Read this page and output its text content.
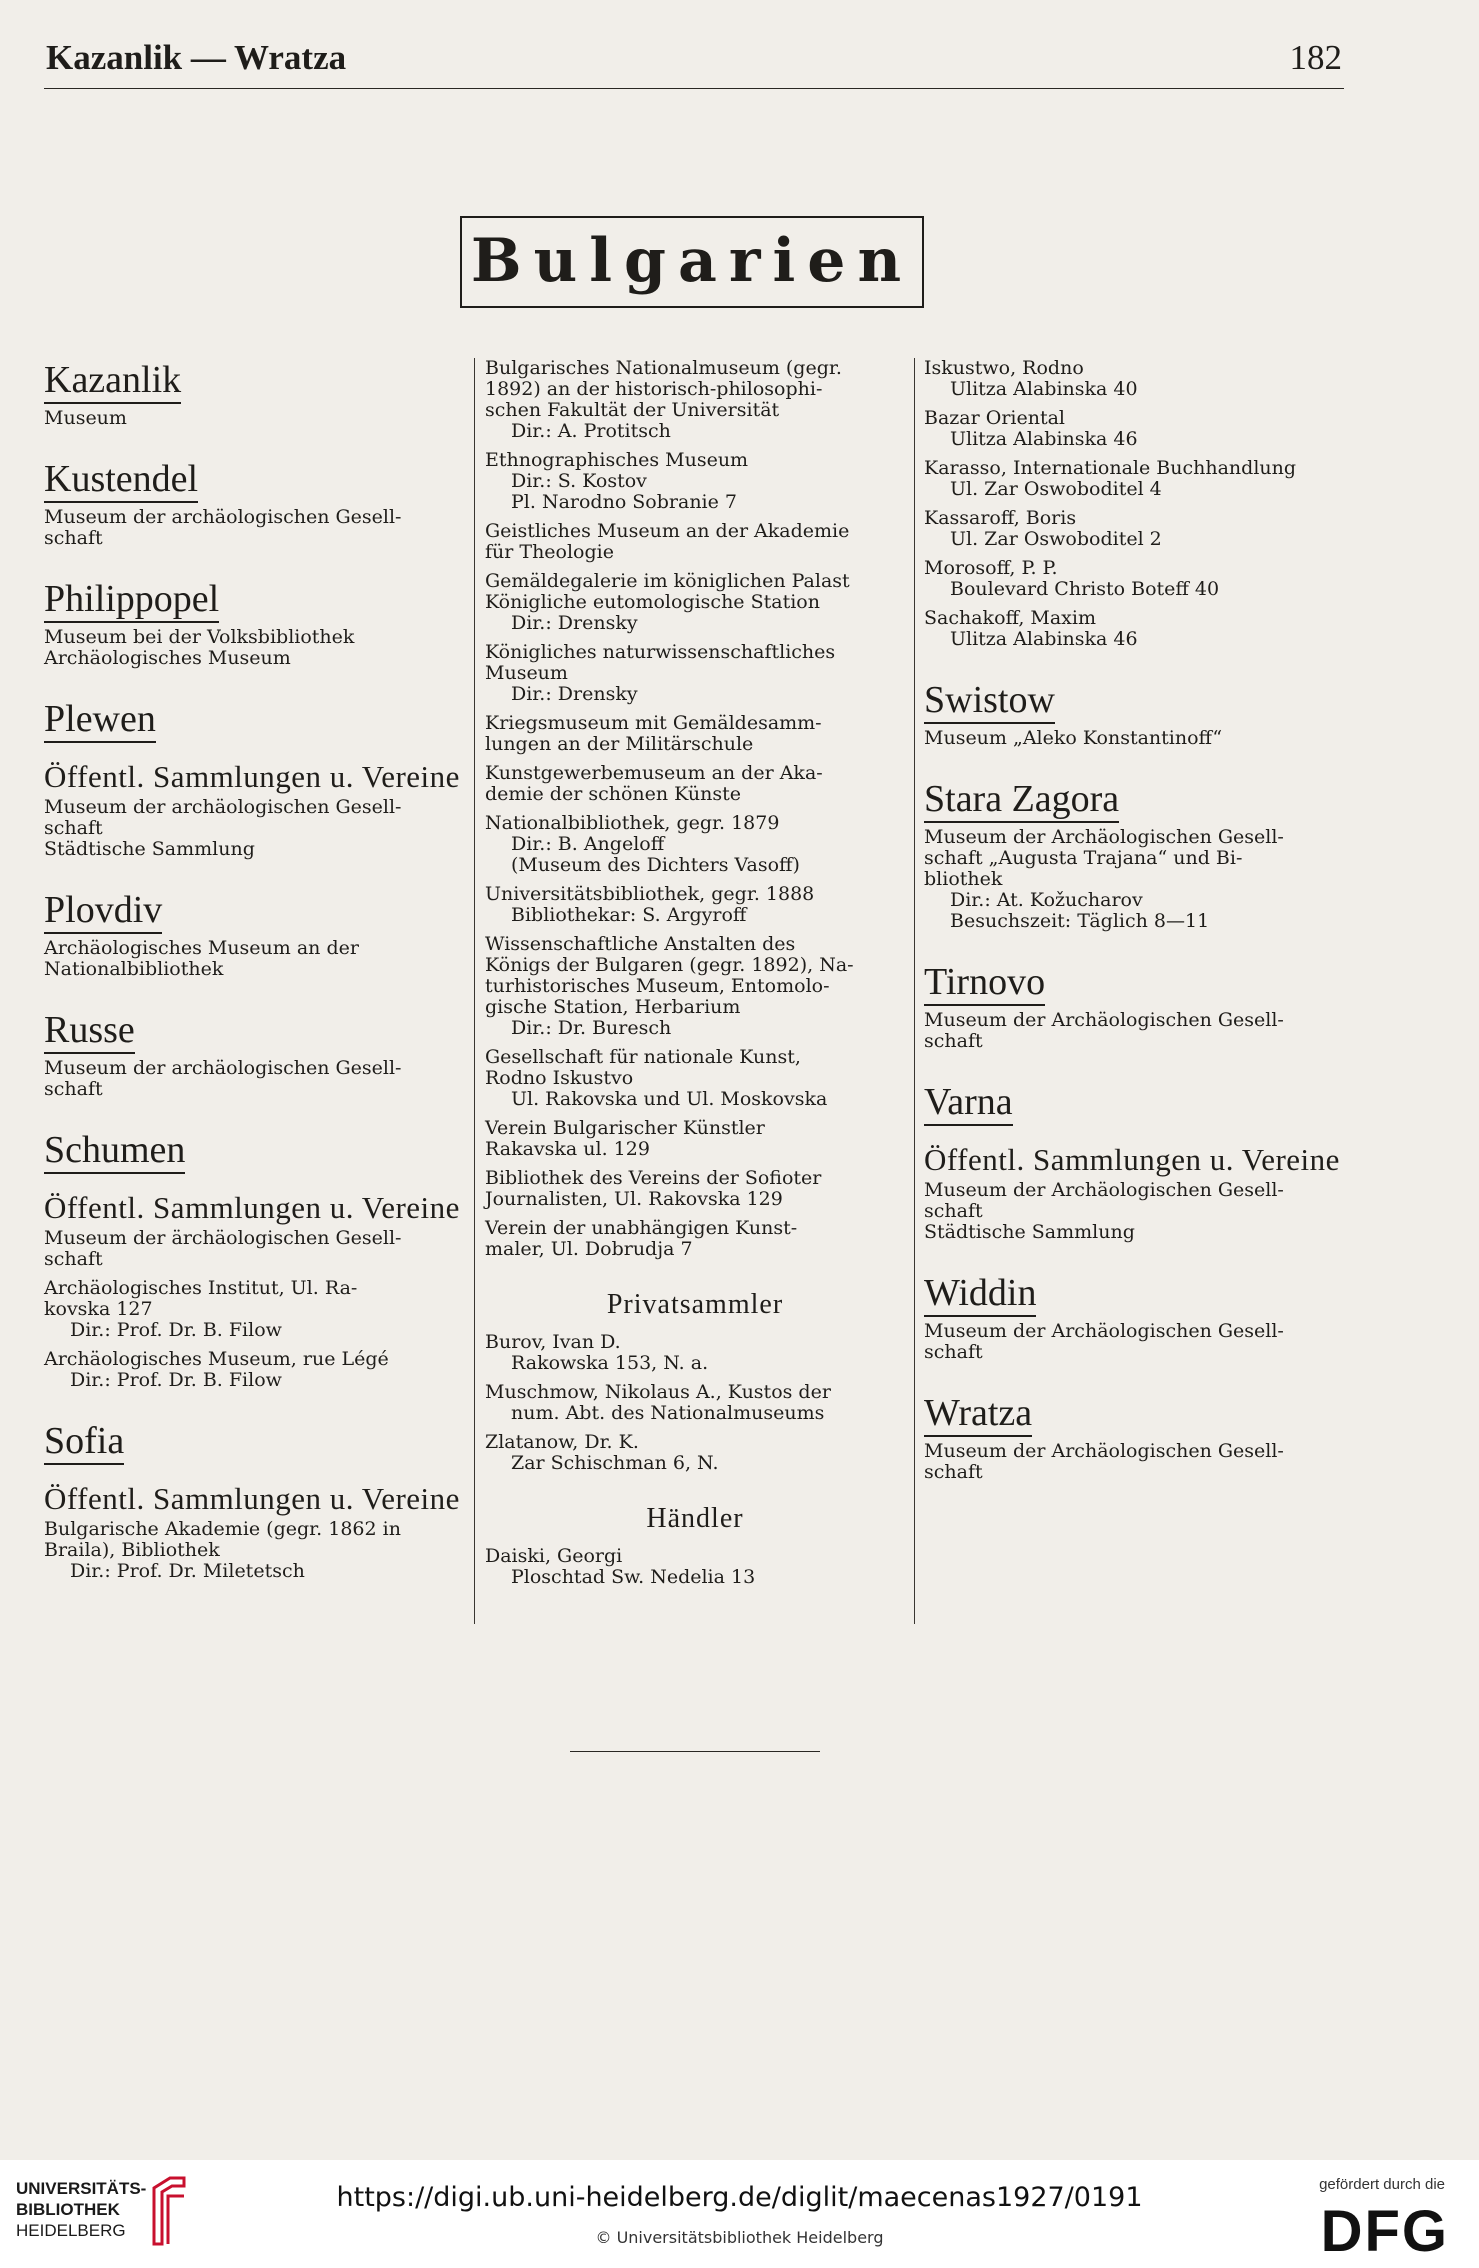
Kazanlik — Wratza	182
Bulgarien
Kazanlik

Museum
Kustendel

Museum der archäologischen Gesell-
schaft
Philippopel

Museum bei der Volksbibliothek
Archäologisches Museum
Plewen

Öffentl. Sammlungen u. Vereine
Museum der archäologischen Gesell-
schaft
Städtische Sammlung
Plovdiv

Archäologisches Museum an der
Nationalbibliothek
Russe

Museum der archäologischen Gesell-
schaft
Schumen

Öffentl. Sammlungen u. Vereine
Museum der ärchäologischen Gesell-
schaft
Archäologisches Institut, Ul. Ra-
kovska 127
Dir.: Prof. Dr. B. Filow
Archäologisches Museum, rue Légé
Dir.: Prof. Dr. B. Filow
Sofia

Öffentl. Sammlungen u. Vereine
Bulgarische Akademie (gegr. 1862 in
Braila), Bibliothek
Dir.: Prof. Dr. Miletetsch
Bulgarisches Nationalmuseum (gegr.
1892) an der historisch-philosophi-
schen Fakultät der Universität
Dir.: A. Protitsch
Ethnographisches Museum
Dir.: S. Kostov
Pl. Narodno Sobranie 7
Geistliches Museum an der Akademie
für Theologie
Gemäldegalerie im königlichen Palast
Königliche eutomologische Station
Dir.: Drensky
Königliches naturwissenschaftliches
Museum
Dir.: Drensky
Kriegsmuseum mit Gemäldesamm-
lungen an der Militärschule
Kunstgewerbemuseum an der Aka-
demie der schönen Künste
Nationalbibliothek, gegr. 1879
Dir.: B. Angeloff
(Museum des Dichters Vasoff)
Universitätsbibliothek, gegr. 1888
Bibliothekar: S. Argyroff
Wissenschaftliche Anstalten des
Königs der Bulgaren (gegr. 1892), Na-
turhistorisches Museum, Entomolo-
gische Station, Herbarium
Dir.: Dr. Buresch
Gesellschaft für nationale Kunst,
Rodno Iskustvo
Ul. Rakovska und Ul. Moskovska
Verein Bulgarischer Künstler
Rakavska ul. 129
Bibliothek des Vereins der Sofioter
Journalisten, Ul. Rakovska 129
Verein der unabhängigen Kunst-
maler, Ul. Dobrudja 7
Privatsammler
Burov, Ivan D.
Rakowska 153, N. a.
Muschmow, Nikolaus A., Kustos der
num. Abt. des Nationalmuseums
Zlatanow, Dr. K.
Zar Schischman 6, N.
Händler
Daiski, Georgi
Ploschtad Sw. Nedelia 13
Iskustwo, Rodno
Ulitza Alabinska 40
Bazar Oriental
Ulitza Alabinska 46
Karasso, Internationale Buchhandlung
Ul. Zar Oswoboditel 4
Kassaroff, Boris
Ul. Zar Oswoboditel 2
Morosoff, P. P.
Boulevard Christo Boteff 40
Sachakoff, Maxim
Ulitza Alabinska 46
Swistow

Museum „Aleko Konstantinoff“
Stara Zagora

Museum der Archäologischen Gesell-
schaft „Augusta Trajana“ und Bi-
bliothek
Dir.: At. Kožucharov
Besuchszeit: Täglich 8—11
Tirnovo

Museum der Archäologischen Gesell-
schaft
Varna

Öffentl. Sammlungen u. Vereine
Museum der Archäologischen Gesell-
schaft
Städtische Sammlung
Widdin

Museum der Archäologischen Gesell-
schaft
Wratza

Museum der Archäologischen Gesell-
schaft
UNIVERSITÄTS-
BIBLIOTHEK
HEIDELBERG
https://digi.ub.uni-heidelberg.de/diglit/maecenas1927/0191
© Universitätsbibliothek Heidelberg
gefördert durch die
DFG
